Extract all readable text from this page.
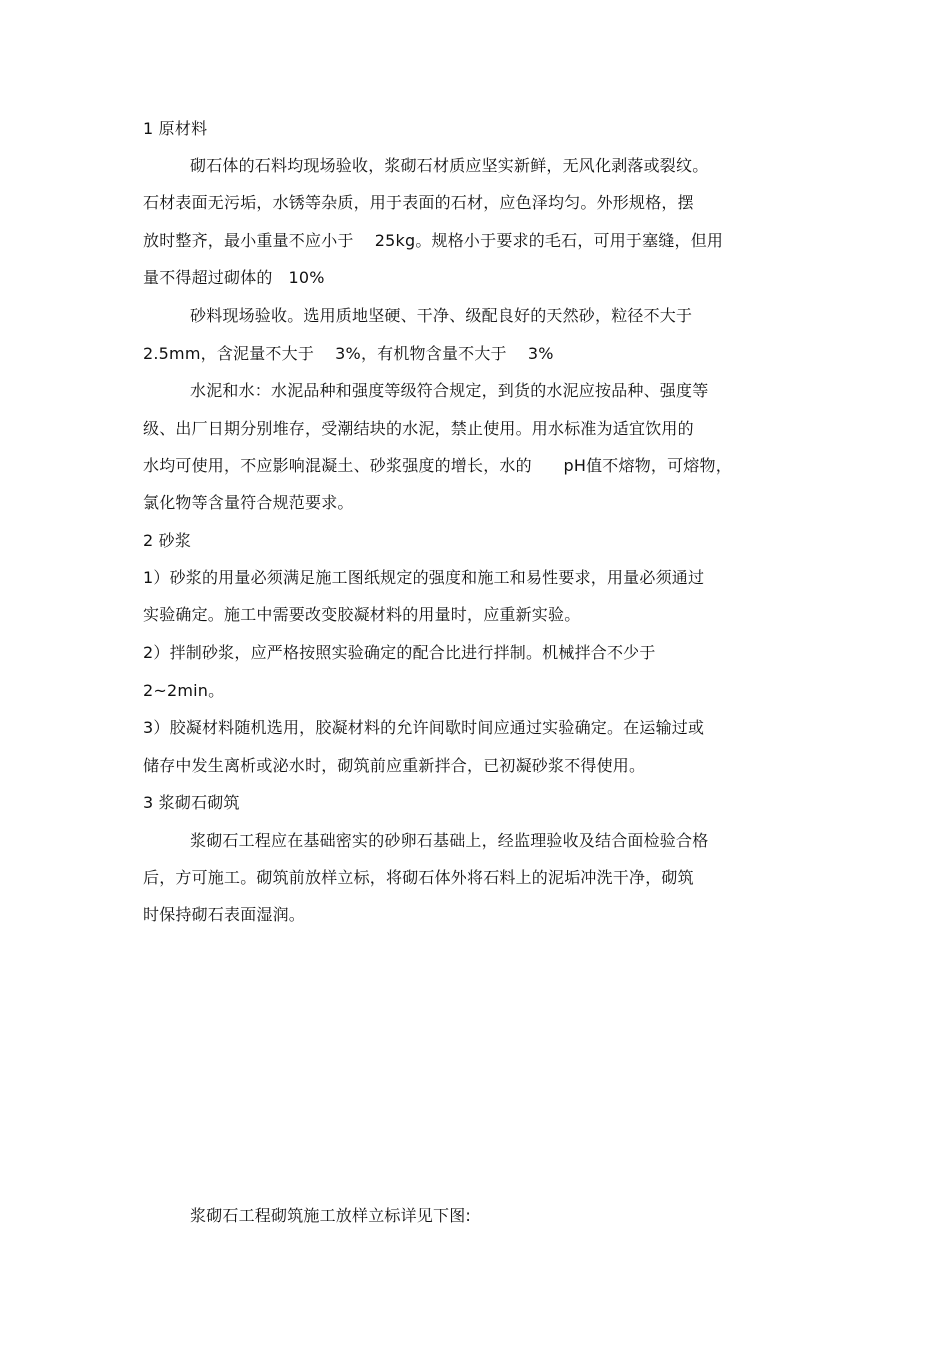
1 原材料
砌石体的石料均现场验收，浆砌石材质应坚实新鲜，无风化剥落或裂纹。
石材表面无污垢，水锈等杂质，用于表面的石材，应色泽均匀。外形规格，摆
放时整齐，最小重量不应小于    25kg。规格小于要求的毛石，可用于塞缝，但用
量不得超过砌体的   10%
砂料现场验收。选用质地坚硬、干净、级配良好的天然砂，粒径不大于
2.5mm，含泥量不大于    3%，有机物含量不大于    3%
水泥和水：水泥品种和强度等级符合规定，到货的水泥应按品种、强度等
级、出厂日期分别堆存，受潮结块的水泥，禁止使用。用水标准为适宜饮用的
水均可使用，不应影响混凝土、砂浆强度的增长，水的      pH值不熔物，可熔物，
氯化物等含量符合规范要求。
2 砂浆
1）砂浆的用量必须满足施工图纸规定的强度和施工和易性要求，用量必须通过
实验确定。施工中需要改变胶凝材料的用量时，应重新实验。
2）拌制砂浆，应严格按照实验确定的配合比进行拌制。机械拌合不少于
2~2min。
3）胶凝材料随机选用，胶凝材料的允许间歇时间应通过实验确定。在运输过或
储存中发生离析或泌水时，砌筑前应重新拌合，已初凝砂浆不得使用。
3 浆砌石砌筑
浆砌石工程应在基础密实的砂卵石基础上，经监理验收及结合面检验合格
后，方可施工。砌筑前放样立标，将砌石体外将石料上的泥垢冲洗干净，砌筑
时保持砌石表面湿润。
浆砌石工程砌筑施工放样立标详见下图:
